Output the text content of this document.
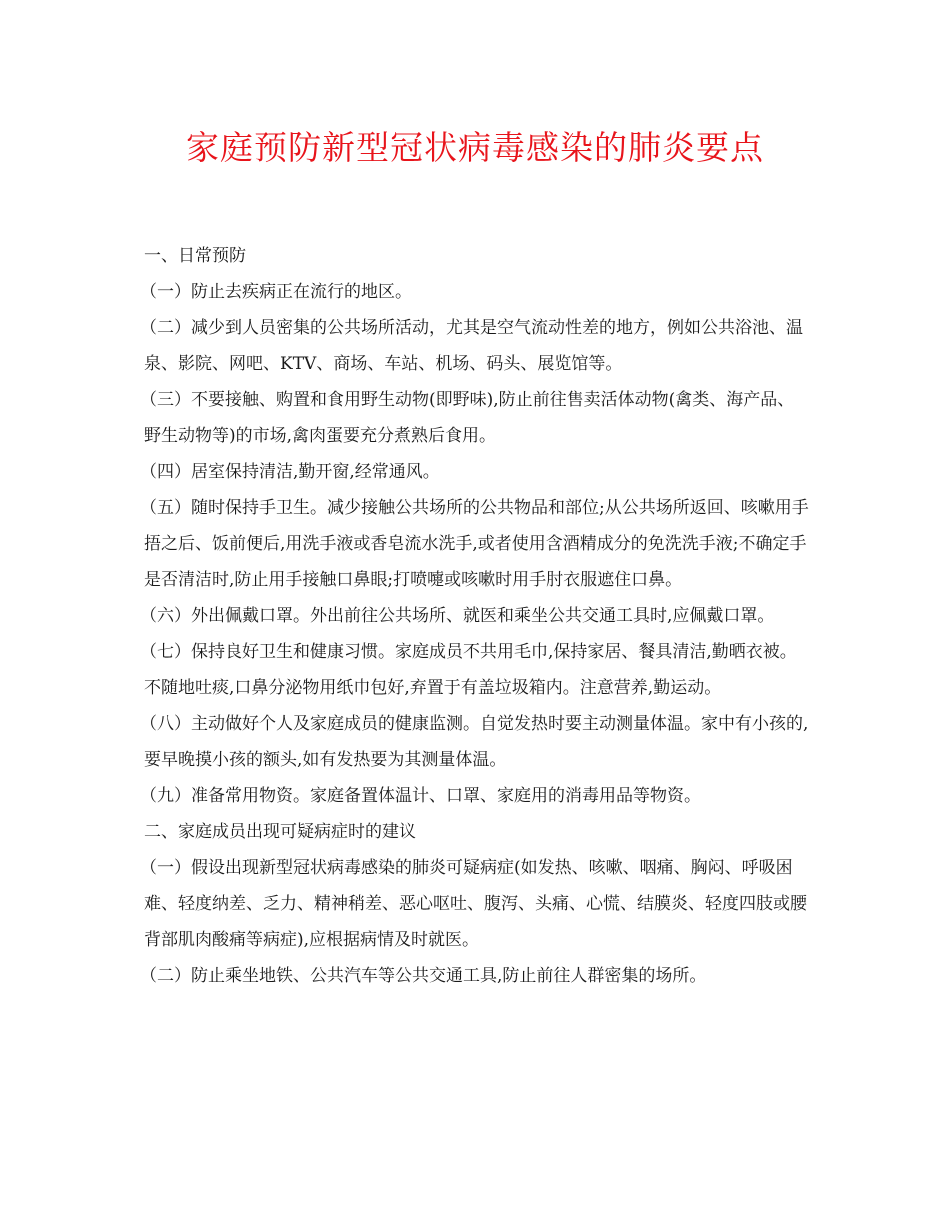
家庭预防新型冠状病毒感染的肺炎要点

一、日常预防

（一）防止去疾病正在流行的地区。

（二）减少到人员密集的公共场所活动，尤其是空气流动性差的地方，例如公共浴池、温泉、影院、网吧、KTV、商场、车站、机场、码头、展览馆等。

（三）不要接触、购置和食用野生动物(即野味),防止前往售卖活体动物(禽类、海产品、野生动物等)的市场,禽肉蛋要充分煮熟后食用。

（四）居室保持清洁,勤开窗,经常通风。

（五）随时保持手卫生。减少接触公共场所的公共物品和部位;从公共场所返回、咳嗽用手捂之后、饭前便后,用洗手液或香皂流水洗手,或者使用含酒精成分的免洗洗手液;不确定手是否清洁时,防止用手接触口鼻眼;打喷嚏或咳嗽时用手肘衣服遮住口鼻。

（六）外出佩戴口罩。外出前往公共场所、就医和乘坐公共交通工具时,应佩戴口罩。

（七）保持良好卫生和健康习惯。家庭成员不共用毛巾,保持家居、餐具清洁,勤晒衣被。不随地吐痰,口鼻分泌物用纸巾包好,弃置于有盖垃圾箱内。注意营养,勤运动。

（八）主动做好个人及家庭成员的健康监测。自觉发热时要主动测量体温。家中有小孩的,要早晚摸小孩的额头,如有发热要为其测量体温。

（九）准备常用物资。家庭备置体温计、口罩、家庭用的消毒用品等物资。

二、家庭成员出现可疑病症时的建议

（一）假设出现新型冠状病毒感染的肺炎可疑病症(如发热、咳嗽、咽痛、胸闷、呼吸困难、轻度纳差、乏力、精神稍差、恶心呕吐、腹泻、头痛、心慌、结膜炎、轻度四肢或腰背部肌肉酸痛等病症),应根据病情及时就医。

（二）防止乘坐地铁、公共汽车等公共交通工具,防止前往人群密集的场所。
